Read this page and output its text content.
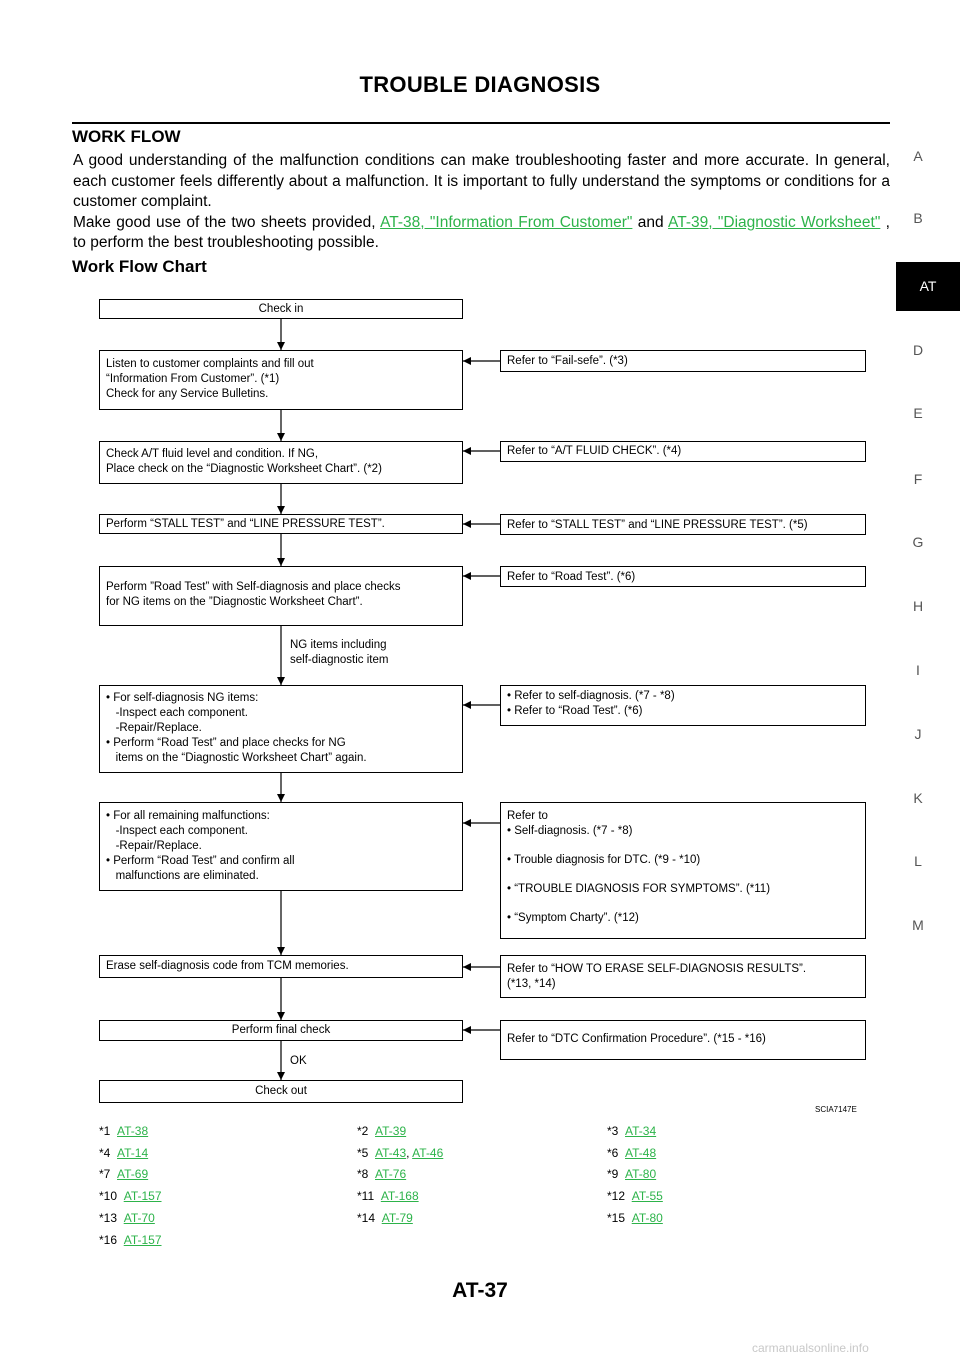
TROUBLE DIAGNOSIS
WORK FLOW

A good understanding of the malfunction conditions can make troubleshooting faster and more accurate. In general, each customer feels differently about a malfunction. It is important to fully understand the symptoms or conditions for a customer complaint.

Make good use of the two sheets provided, AT-38, "Information From Customer" and AT-39, "Diagnostic Worksheet" , to perform the best troubleshooting possible.

Work Flow Chart
A
B
AT
D
E
F
G
H
I
J
K
L
M
Check in
Listen to customer complaints and fill out
“Information From Customer”. (*1)
Check for any Service Bulletins.
Check A/T fluid level and condition. If NG,
Place check on the “Diagnostic Worksheet Chart”. (*2)
Perform “STALL TEST” and “LINE PRESSURE TEST”.
Perform ”Road Test” with Self-diagnosis and place checks
for NG items on the ”Diagnostic Worksheet Chart”.
NG items including
self-diagnostic item
• For self-diagnosis NG items:
-Inspect each component.
-Repair/Replace.
• Perform “Road Test” and place checks for NG
items on the “Diagnostic Worksheet Chart” again.
• For all remaining malfunctions:
-Inspect each component.
-Repair/Replace.
• Perform “Road Test” and confirm all
malfunctions are eliminated.
Erase self-diagnosis code from TCM memories.
Perform final check
OK
Check out
Refer to “Fail-sefe”. (*3)
Refer to “A/T FLUID CHECK”. (*4)
Refer to “STALL TEST” and “LINE PRESSURE TEST”. (*5)
Refer to “Road Test”. (*6)
• Refer to self-diagnosis. (*7 - *8)
• Refer to “Road Test”. (*6)
Refer to
• Self-diagnosis. (*7 - *8)

• Trouble diagnosis for DTC. (*9 - *10)

• “TROUBLE DIAGNOSIS FOR SYMPTOMS”. (*11)

• “Symptom Charty”. (*12)
Refer to “HOW TO ERASE SELF-DIAGNOSIS RESULTS”.
(*13, *14)
Refer to “DTC Confirmation Procedure”. (*15 - *16)
SCIA7147E
*1 AT-38	*2 AT-39	*3 AT-34
*4 AT-14	*5 AT-43, AT-46	*6 AT-48
*7 AT-69	*8 AT-76	*9 AT-80
*10 AT-157	*11 AT-168	*12 AT-55
*13 AT-70	*14 AT-79	*15 AT-80
*16 AT-157
AT-37
carmanualsonline.info
